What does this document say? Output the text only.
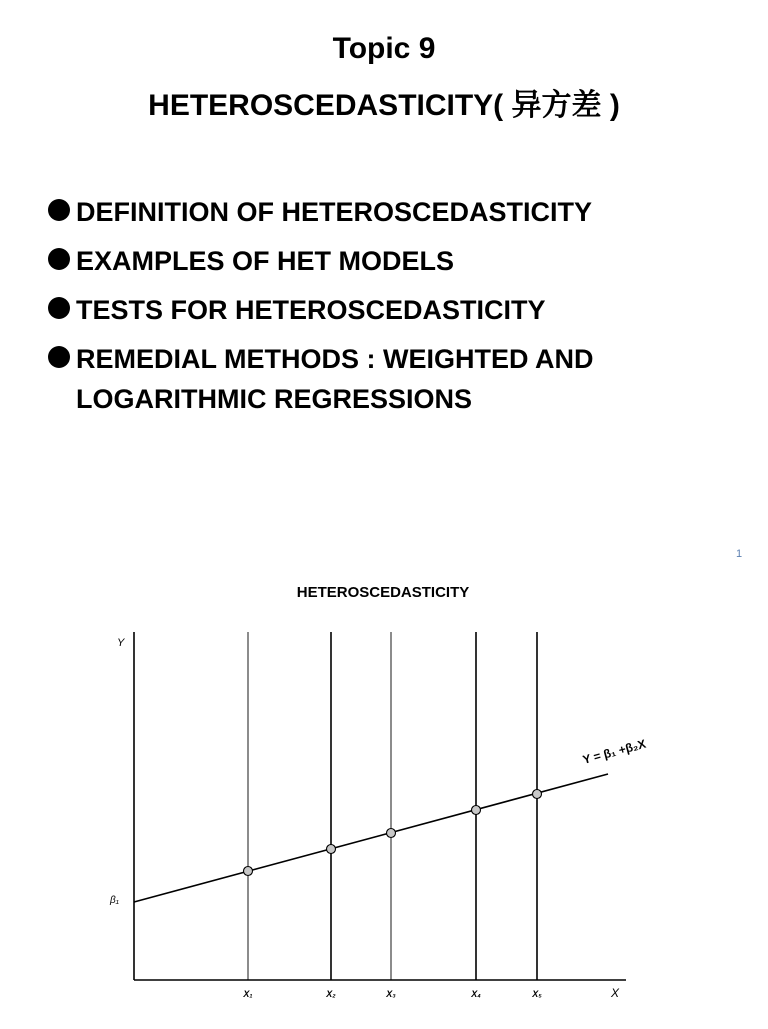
Topic 9
HETEROSCEDASTICITY( 异方差 )
DEFINITION OF HETEROSCEDASTICITY
EXAMPLES OF HET MODELS
TESTS FOR HETEROSCEDASTICITY
REMEDIAL METHODS : WEIGHTED AND LOGARITHMIC REGRESSIONS
1
HETEROSCEDASTICITY
Y
X
β₁
Y = β₁ +β₂X
X₁	X₂	X₃	X₄	X₅
